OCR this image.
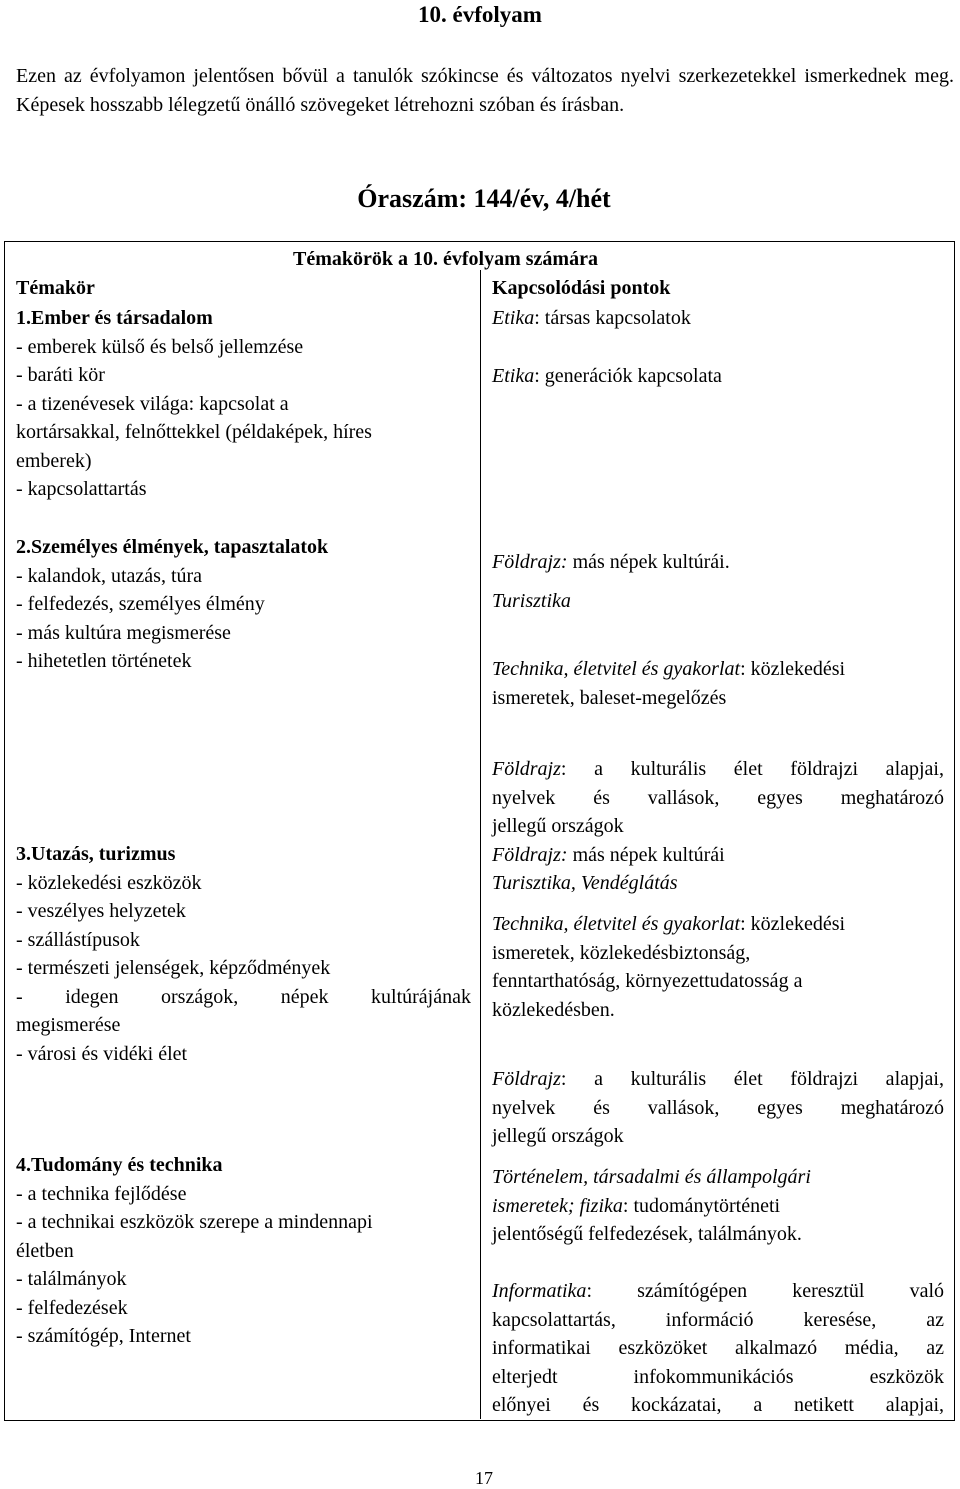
10. évfolyam
Ezen az évfolyamon jelentősen bővül a tanulók szókincse és változatos nyelvi szerkezetekkel ismerkednek meg. Képesek hosszabb lélegzetű önálló szövegeket létrehozni szóban és írásban.
Óraszám: 144/év, 4/hét
Témakörök a 10. évfolyam számára
Témakör	Kapcsolódási pontok
1.Ember és társadalom
- emberek külső és belső jellemzése
- baráti kör
- a tizenévesek világa: kapcsolat a
kortársakkal, felnőttekkel (példaképek, híres
emberek)
- kapcsolattartás
2.Személyes élmények, tapasztalatok
- kalandok, utazás, túra
- felfedezés, személyes élmény
- más kultúra megismerése
- hihetetlen történetek
3.Utazás, turizmus
- közlekedési eszközök
- veszélyes helyzetek
- szállástípusok
- természeti jelenségek, képződmények
- idegen országok, népek kultúrájának
megismerése
- városi és vidéki élet
4.Tudomány és technika
- a technika fejlődése
- a technikai eszközök szerepe a mindennapi
életben
- találmányok
- felfedezések
- számítógép, Internet
Etika: társas kapcsolatok
Etika: generációk kapcsolata
Földrajz: más népek kultúrái.
Turisztika
Technika, életvitel és gyakorlat: közlekedési
ismeretek, baleset-megelőzés
Földrajz: a kulturális élet földrajzi alapjai,
nyelvek és vallások, egyes meghatározó
jellegű országok
Földrajz: más népek kultúrái
Turisztika, Vendéglátás
Technika, életvitel és gyakorlat: közlekedési
ismeretek, közlekedésbiztonság,
fenntarthatóság, környezettudatosság a
közlekedésben.
Földrajz: a kulturális élet földrajzi alapjai,
nyelvek és vallások, egyes meghatározó
jellegű országok
Történelem, társadalmi és állampolgári
ismeretek; fizika: tudománytörténeti
jelentőségű felfedezések, találmányok.
Informatika: számítógépen keresztül való
kapcsolattartás, információ keresése, az
informatikai eszközöket alkalmazó média, az
elterjedt infokommunikációs eszközök
előnyei és kockázatai, a netikett alapjai,
17
